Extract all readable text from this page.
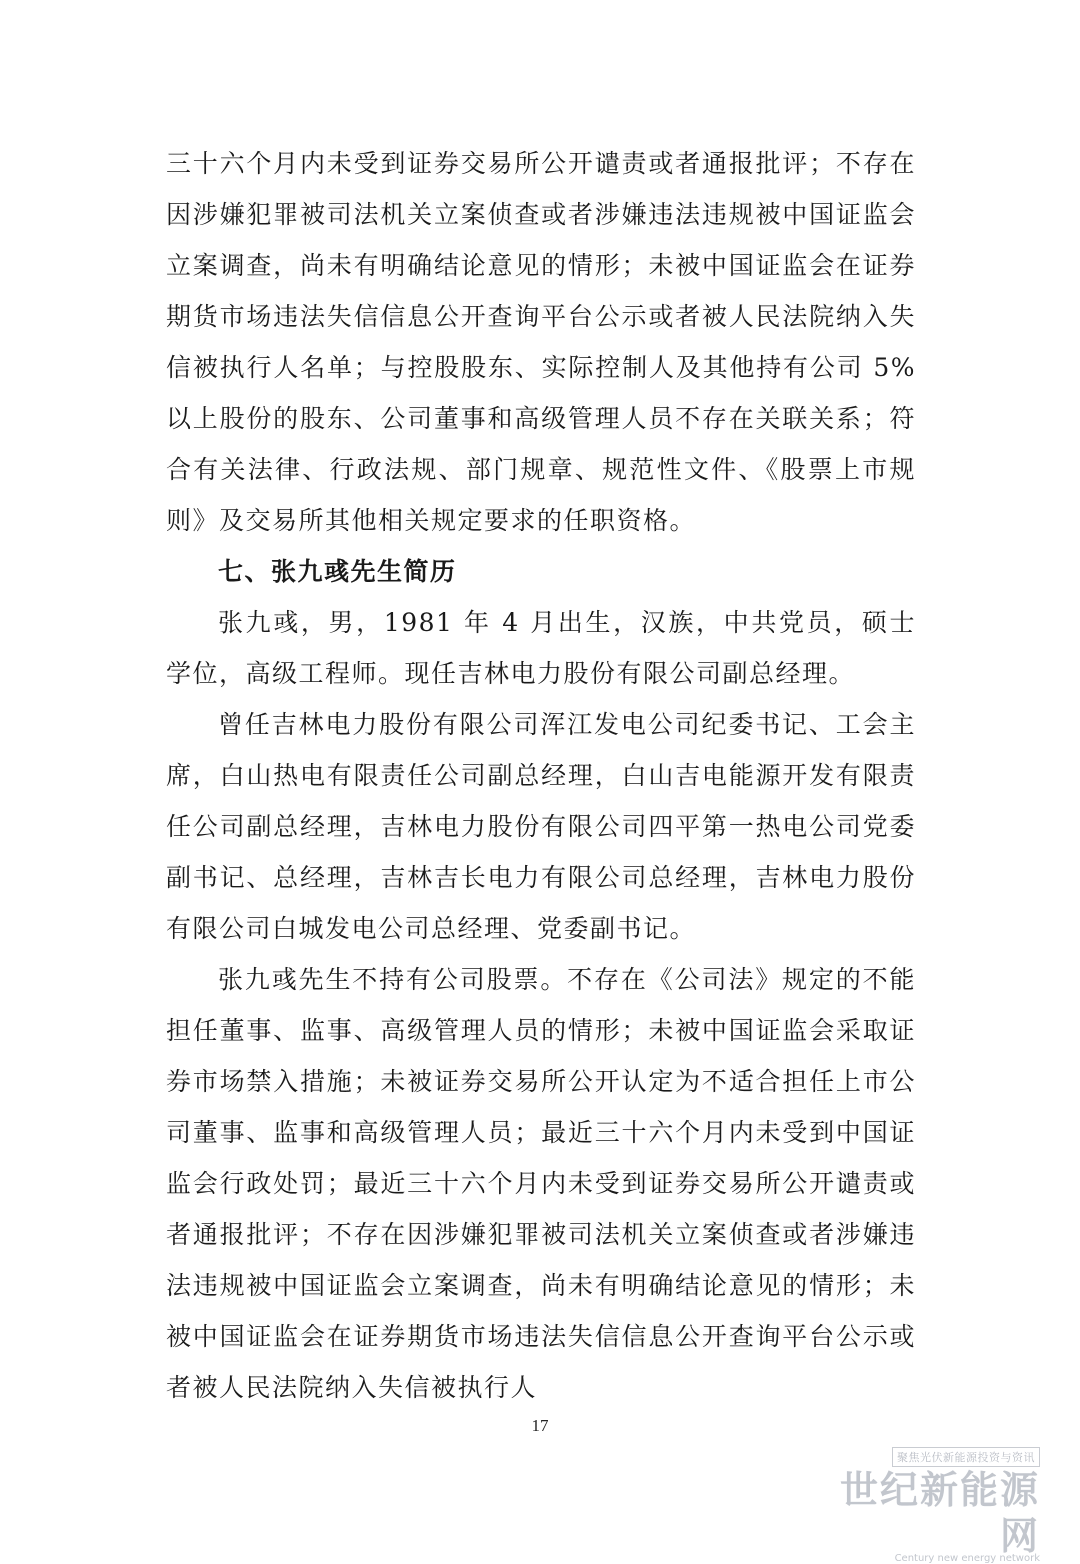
三十六个月内未受到证券交易所公开谴责或者通报批评；不存在因涉嫌犯罪被司法机关立案侦查或者涉嫌违法违规被中国证监会立案调查，尚未有明确结论意见的情形；未被中国证监会在证券期货市场违法失信信息公开查询平台公示或者被人民法院纳入失信被执行人名单；与控股股东、实际控制人及其他持有公司 5%以上股份的股东、公司董事和高级管理人员不存在关联关系；符合有关法律、行政法规、部门规章、规范性文件、《股票上市规则》及交易所其他相关规定要求的任职资格。

七、张九彧先生简历

张九彧，男，1981 年 4 月出生，汉族，中共党员，硕士学位，高级工程师。现任吉林电力股份有限公司副总经理。

曾任吉林电力股份有限公司浑江发电公司纪委书记、工会主席，白山热电有限责任公司副总经理，白山吉电能源开发有限责任公司副总经理，吉林电力股份有限公司四平第一热电公司党委副书记、总经理，吉林吉长电力有限公司总经理，吉林电力股份有限公司白城发电公司总经理、党委副书记。

张九彧先生不持有公司股票。不存在《公司法》规定的不能担任董事、监事、高级管理人员的情形；未被中国证监会采取证券市场禁入措施；未被证券交易所公开认定为不适合担任上市公司董事、监事和高级管理人员；最近三十六个月内未受到中国证监会行政处罚；最近三十六个月内未受到证券交易所公开谴责或者通报批评；不存在因涉嫌犯罪被司法机关立案侦查或者涉嫌违法违规被中国证监会立案调查，尚未有明确结论意见的情形；未被中国证监会在证券期货市场违法失信信息公开查询平台公示或者被人民法院纳入失信被执行人

17
聚焦光伏新能源投资与资讯
世纪新能源网
Century new energy network
